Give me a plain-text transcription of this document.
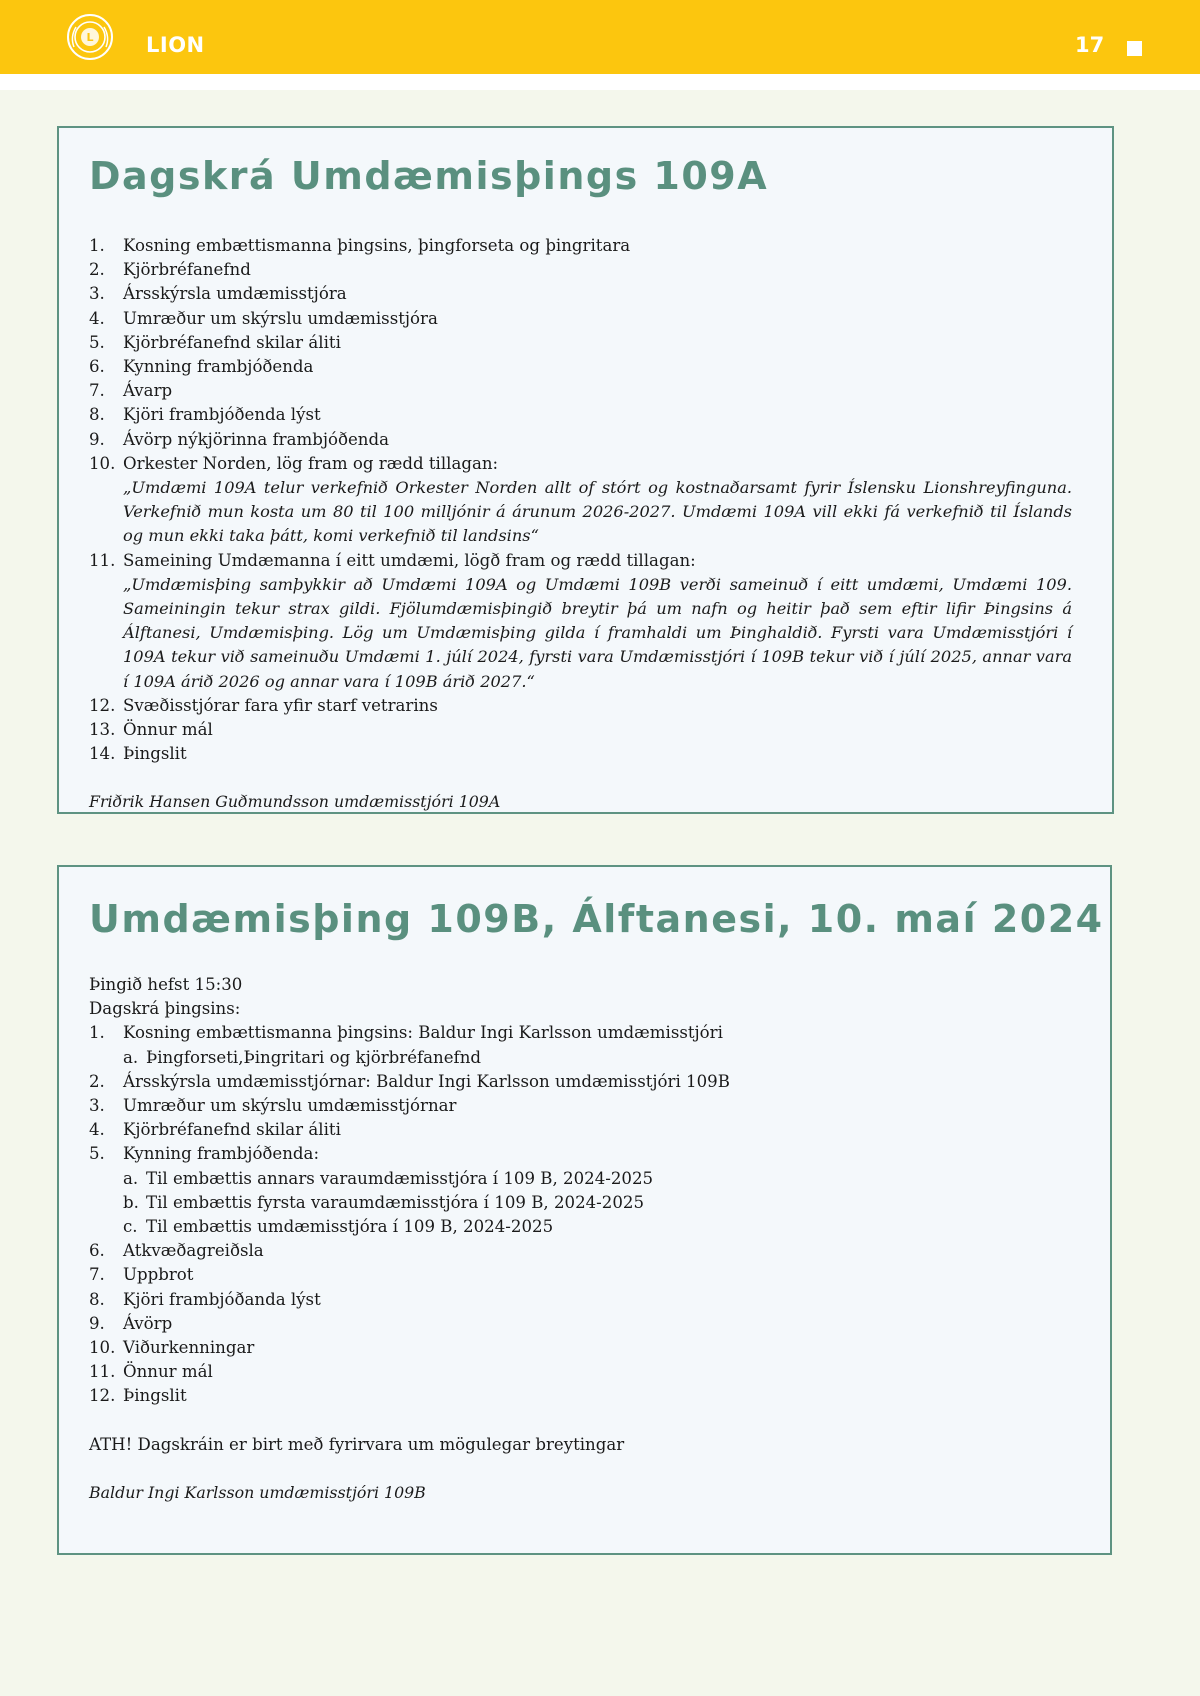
L LION	17
Dagskrá Umdæmisþings 109A
1. Kosning embættismanna þingsins, þingforseta og þingritara
2. Kjörbréfanefnd
3. Ársskýrsla umdæmisstjóra
4. Umræður um skýrslu umdæmisstjóra
5. Kjörbréfanefnd skilar áliti
6. Kynning frambjóðenda
7. Ávarp
8. Kjöri frambjóðenda lýst
9. Ávörp nýkjörinna frambjóðenda
10. Orkester Norden, lög fram og rædd tillagan:
„Umdæmi 109A telur verkefnið Orkester Norden allt of stórt og kostnaðarsamt fyrir Íslensku Lionshreyfinguna. Verkefnið mun kosta um 80 til 100 milljónir á árunum 2026-2027. Umdæmi 109A vill ekki fá verkefnið til Íslands og mun ekki taka þátt, komi verkefnið til landsins“
11. Sameining Umdæmanna í eitt umdæmi, lögð fram og rædd tillagan:
„Umdæmisþing samþykkir að Umdæmi 109A og Umdæmi 109B verði sameinuð í eitt umdæmi, Umdæmi 109. Sameiningin tekur strax gildi. Fjölumdæmisþingið breytir þá um nafn og heitir það sem eftir lifir Þingsins á Álftanesi, Umdæmisþing. Lög um Umdæmisþing gilda í framhaldi um Þinghaldið. Fyrsti vara Umdæmisstjóri í 109A tekur við sameinuðu Umdæmi 1. júlí 2024, fyrsti vara Umdæmisstjóri í 109B tekur við í júlí 2025, annar vara í 109A árið 2026 og annar vara í 109B árið 2027.“
12. Svæðisstjórar fara yfir starf vetrarins
13. Önnur mál
14. Þingslit
Friðrik Hansen Guðmundsson umdæmisstjóri 109A
Umdæmisþing 109B, Álftanesi, 10. maí 2024
Þingið hefst 15:30
Dagskrá þingsins:
1. Kosning embættismanna þingsins: Baldur Ingi Karlsson umdæmisstjóri
a. Þingforseti,Þingritari og kjörbréfanefnd
2. Ársskýrsla umdæmisstjórnar: Baldur Ingi Karlsson umdæmisstjóri 109B
3. Umræður um skýrslu umdæmisstjórnar
4. Kjörbréfanefnd skilar áliti
5. Kynning frambjóðenda:
a. Til embættis annars varaumdæmisstjóra í 109 B, 2024-2025
b. Til embættis fyrsta varaumdæmisstjóra í 109 B, 2024-2025
c. Til embættis umdæmisstjóra í 109 B, 2024-2025
6. Atkvæðagreiðsla
7. Uppbrot
8. Kjöri frambjóðanda lýst
9. Ávörp
10. Viðurkenningar
11. Önnur mál
12. Þingslit
ATH! Dagskráin er birt með fyrirvara um mögulegar breytingar
Baldur Ingi Karlsson umdæmisstjóri 109B
